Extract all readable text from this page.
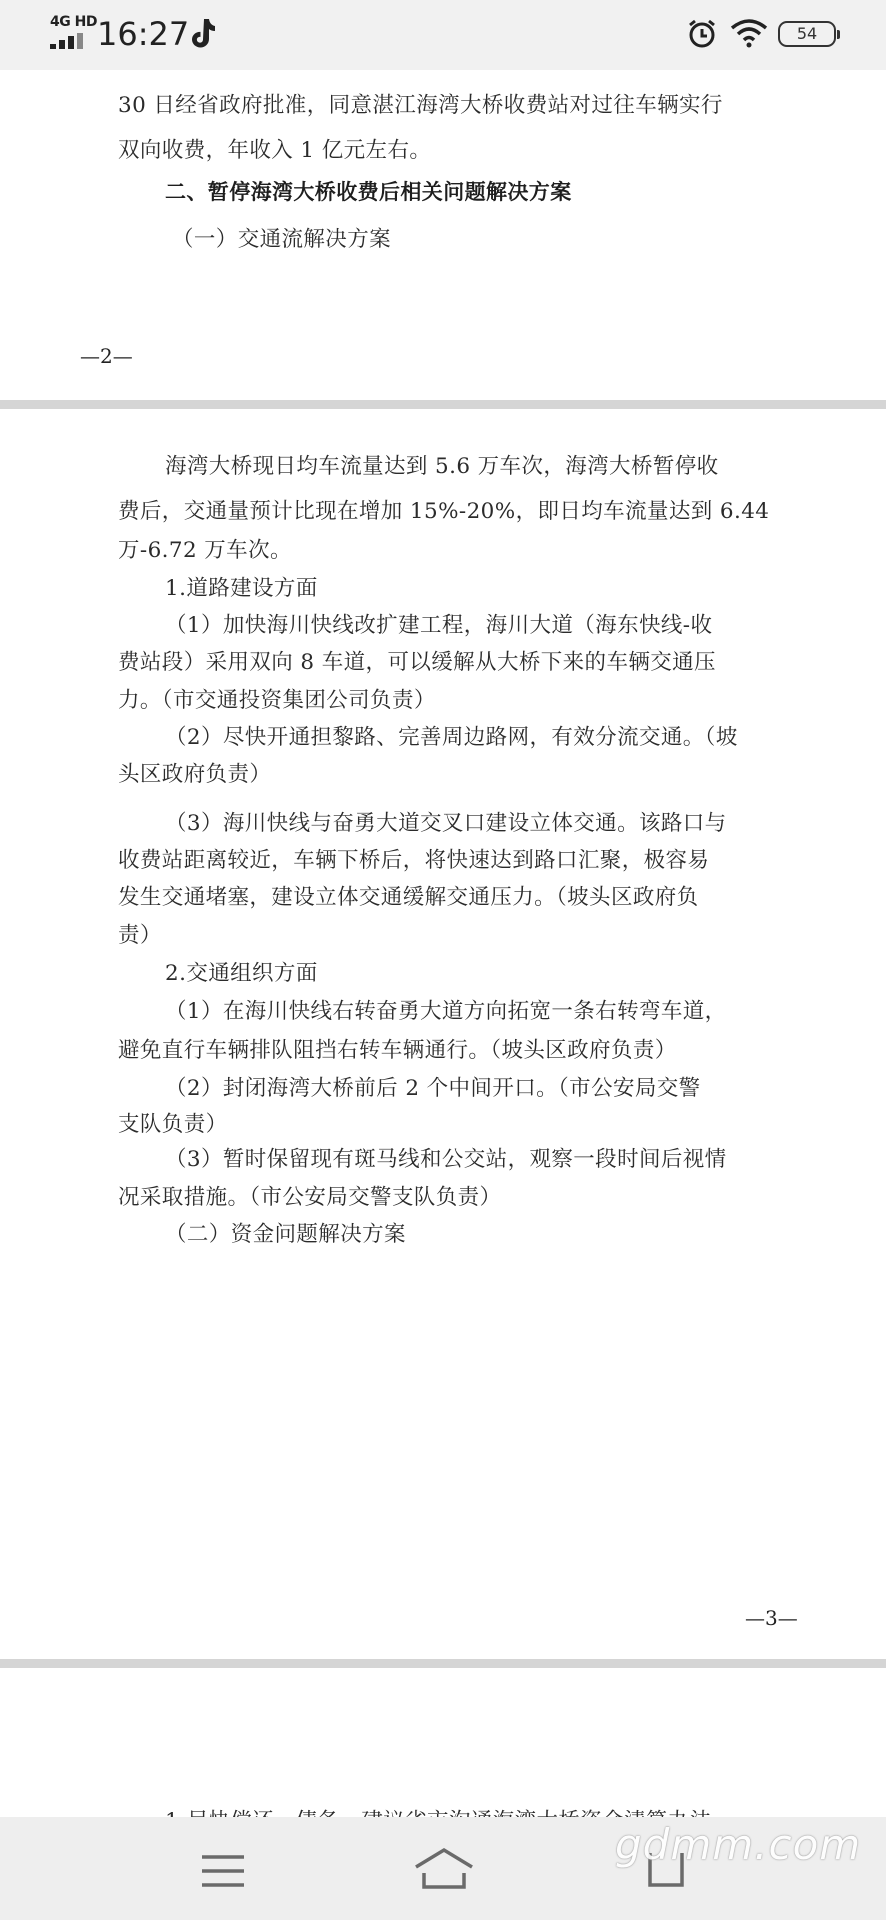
4G HD 16:27	54
30 日经省政府批准，同意湛江海湾大桥收费站对过往车辆实行
双向收费，年收入 1 亿元左右。
二、暂停海湾大桥收费后相关问题解决方案
（一）交通流解决方案
—2—
海湾大桥现日均车流量达到 5.6 万车次，海湾大桥暂停收
费后，交通量预计比现在增加 15%-20%，即日均车流量达到 6.44
万-6.72 万车次。
1.道路建设方面
（1）加快海川快线改扩建工程，海川大道（海东快线-收
费站段）采用双向 8 车道，可以缓解从大桥下来的车辆交通压
力。（市交通投资集团公司负责）
（2）尽快开通担黎路、完善周边路网，有效分流交通。（坡
头区政府负责）
（3）海川快线与奋勇大道交叉口建设立体交通。该路口与
收费站距离较近，车辆下桥后，将快速达到路口汇聚，极容易
发生交通堵塞，建设立体交通缓解交通压力。（坡头区政府负
责）
2.交通组织方面
（1）在海川快线右转奋勇大道方向拓宽一条右转弯车道，
避免直行车辆排队阻挡右转车辆通行。（坡头区政府负责）
（2）封闭海湾大桥前后 2 个中间开口。（市公安局交警
支队负责）
（3）暂时保留现有斑马线和公交站，观察一段时间后视情
况采取措施。（市公安局交警支队负责）
（二）资金问题解决方案
—3—
gdmm.com
